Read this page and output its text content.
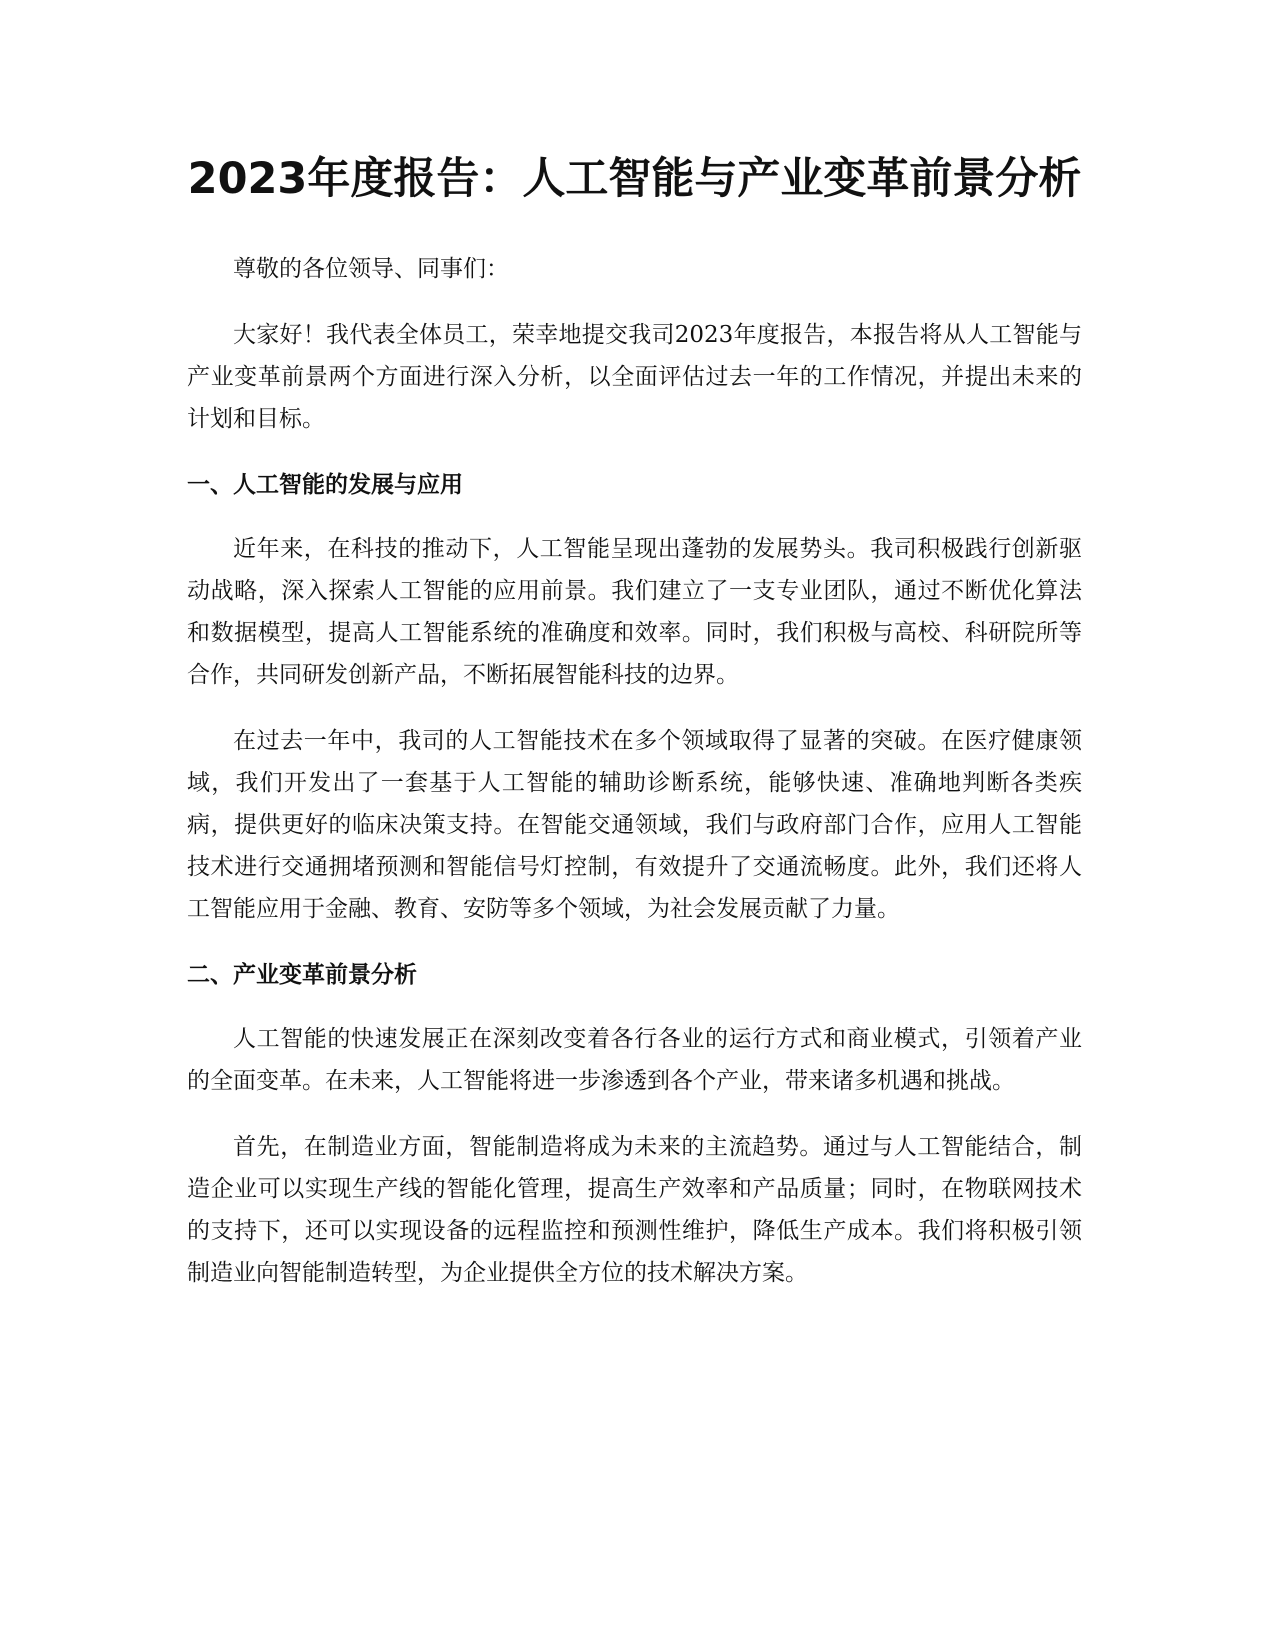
2023年度报告：人工智能与产业变革前景分析

尊敬的各位领导、同事们：

大家好！我代表全体员工，荣幸地提交我司2023年度报告，本报告将从人工智能与产业变革前景两个方面进行深入分析，以全面评估过去一年的工作情况，并提出未来的计划和目标。

一、人工智能的发展与应用

近年来，在科技的推动下，人工智能呈现出蓬勃的发展势头。我司积极践行创新驱动战略，深入探索人工智能的应用前景。我们建立了一支专业团队，通过不断优化算法和数据模型，提高人工智能系统的准确度和效率。同时，我们积极与高校、科研院所等合作，共同研发创新产品，不断拓展智能科技的边界。

在过去一年中，我司的人工智能技术在多个领域取得了显著的突破。在医疗健康领域，我们开发出了一套基于人工智能的辅助诊断系统，能够快速、准确地判断各类疾病，提供更好的临床决策支持。在智能交通领域，我们与政府部门合作，应用人工智能技术进行交通拥堵预测和智能信号灯控制，有效提升了交通流畅度。此外，我们还将人工智能应用于金融、教育、安防等多个领域，为社会发展贡献了力量。

二、产业变革前景分析

人工智能的快速发展正在深刻改变着各行各业的运行方式和商业模式，引领着产业的全面变革。在未来，人工智能将进一步渗透到各个产业，带来诸多机遇和挑战。

首先，在制造业方面，智能制造将成为未来的主流趋势。通过与人工智能结合，制造企业可以实现生产线的智能化管理，提高生产效率和产品质量；同时，在物联网技术的支持下，还可以实现设备的远程监控和预测性维护，降低生产成本。我们将积极引领制造业向智能制造转型，为企业提供全方位的技术解决方案。
